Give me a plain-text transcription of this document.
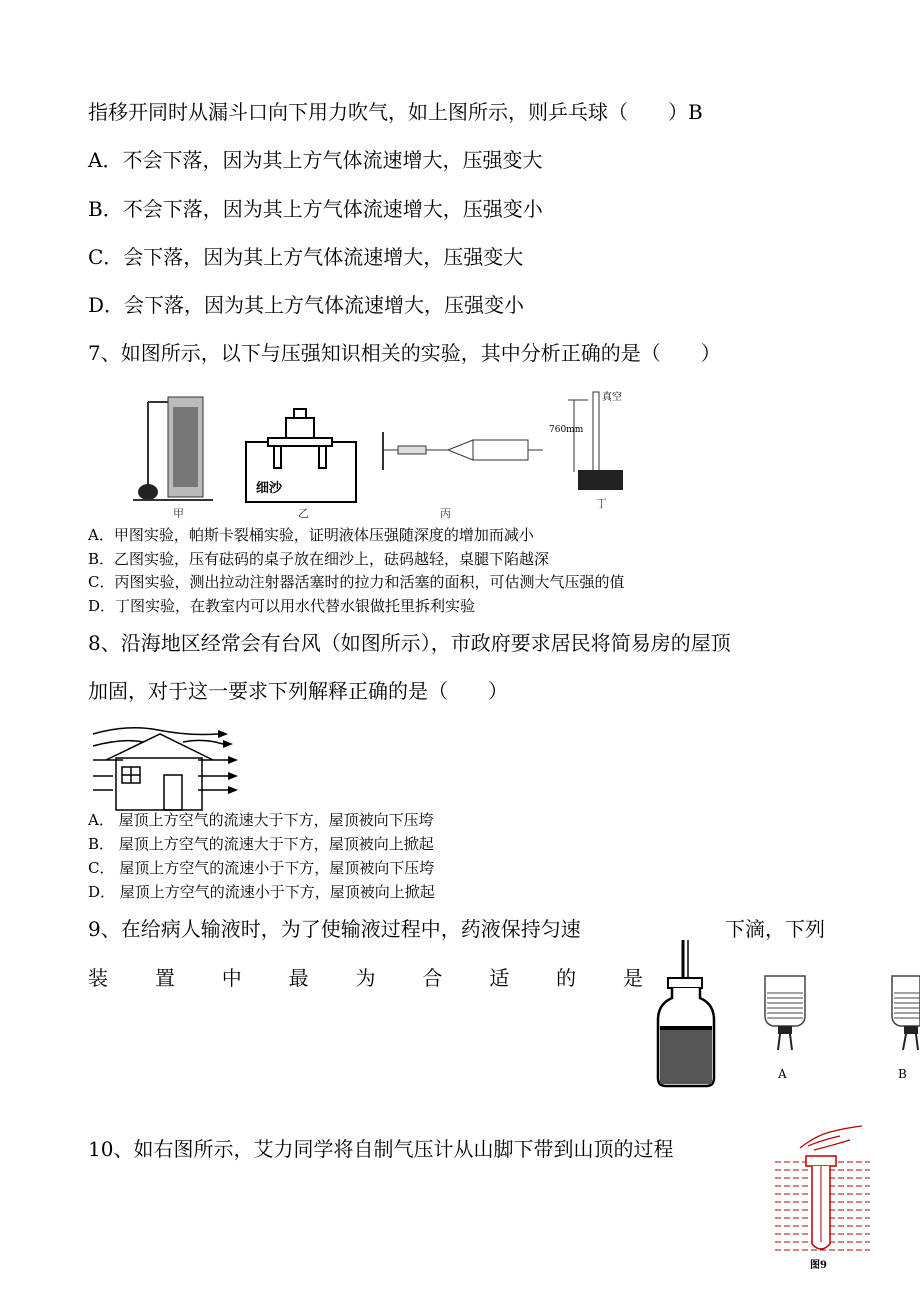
指移开同时从漏斗口向下用力吹气，如上图所示，则乒乓球（　　）B
A．不会下落，因为其上方气体流速增大，压强变大
B．不会下落，因为其上方气体流速增大，压强变小
C．会下落，因为其上方气体流速增大，压强变大
D．会下落，因为其上方气体流速增大，压强变小
7、如图所示，以下与压强知识相关的实验，其中分析正确的是（　　）
甲
细沙
乙	丙
760mm
真空
丁
A．甲图实验，帕斯卡裂桶实验，证明液体压强随深度的增加而减小
B．乙图实验，压有砝码的桌子放在细沙上，砝码越轻，桌腿下陷越深
C．丙图实验，测出拉动注射器活塞时的拉力和活塞的面积，可估测大气压强的值
D．丁图实验，在教室内可以用水代替水银做托里拆利实验
8、沿海地区经常会有台风（如图所示），市政府要求居民将简易房的屋顶
加固，对于这一要求下列解释正确的是（　　）
A． 屋顶上方空气的流速大于下方，屋顶被向下压垮
B． 屋顶上方空气的流速大于下方，屋顶被向上掀起
C． 屋顶上方空气的流速小于下方，屋顶被向下压垮
D． 屋顶上方空气的流速小于下方，屋顶被向上掀起
9、在给病人输液时，为了使输液过程中，药液保持匀速	下滴，下列
装 置 中 最 为 合 适 的 是
A	B
10、如右图所示，艾力同学将自制气压计从山脚下带到山顶的过程
图9
